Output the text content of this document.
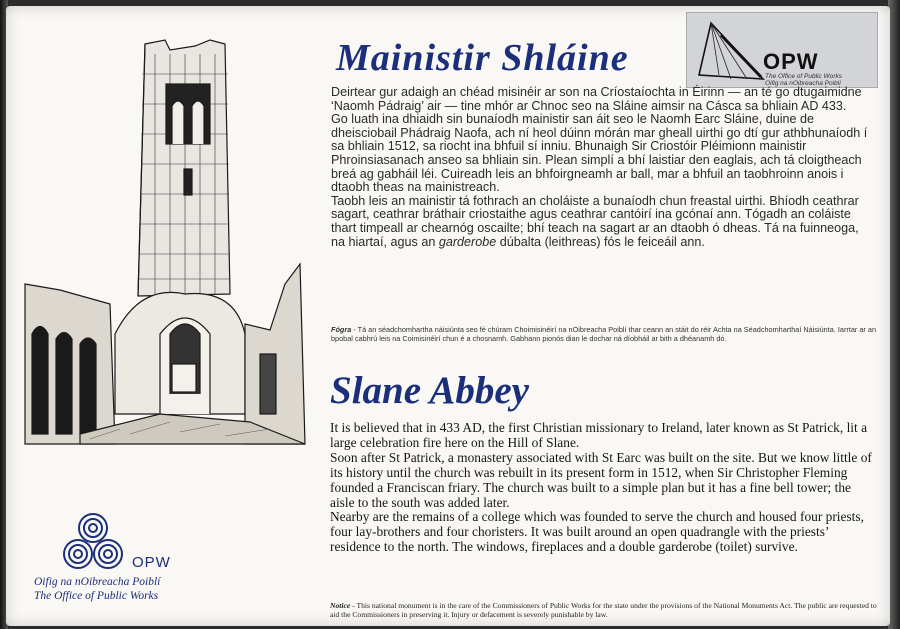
OPW
The Office of Public Works
Oifig na nOibreacha Poiblí
Mainistir Shláine

Deirtear gur adaigh an chéad misinéir ar son na Críostaíochta in Éirinn — an té go dtugaimidne ‘Naomh Pádraig’ air — tine mhór ar Chnoc seo na Sláine aimsir na Cásca sa bhliain AD 433.

Go luath ina dhiaidh sin bunaíodh mainistir san áit seo le Naomh Earc Sláine, duine de dheisciobail Phádraig Naofa, ach ní heol dúinn mórán mar gheall uirthi go dtí gur athbhunaíodh í sa bhliain 1512, sa riocht ina bhfuil sí inniu. Bhunaigh Sir Criostóir Pléimionn mainistir Phroinsiasanach anseo sa bhliain sin. Plean simplí a bhí laistiar den eaglais, ach tá cloigtheach breá ag gabháil léi. Cuireadh leis an bhfoirgneamh ar ball, mar a bhfuil an taobhroinn anois i dtaobh theas na mainistreach.

Taobh leis an mainistir tá fothrach an choláiste a bunaíodh chun freastal uirthi. Bhíodh ceathrar sagart, ceathrar bráthair criostaithe agus ceathrar cantóirí ina gcónaí ann. Tógadh an coláiste thart timpeall ar chearnóg oscailte; bhí teach na sagart ar an dtaobh ó dheas. Tá na fuinneoga, na hiartaí, agus an garderobe dúbalta (leithreas) fós le feiceáil ann.

Fógra - Tá an séadchomhartha náisiúnta seo fé chúram Choimisinéirí na nOibreacha Poiblí thar ceann an stáit do réir Achta na Séadchomharthaí Náisiúnta. Iarrtar ar an bpobal cabhrú leis na Coimisinéirí chun é a chosnamh. Gabhann pionós dian le dochar ná díobháil ar bith a dhéanamh dó.
Slane Abbey

It is believed that in 433 AD, the first Christian missionary to Ireland, later known as St Patrick, lit a large celebration fire here on the Hill of Slane.

Soon after St Patrick, a monastery associated with St Earc was built on the site. But we know little of its history until the church was rebuilt in its present form in 1512, when Sir Christopher Fleming founded a Franciscan friary. The church was built to a simple plan but it has a fine bell tower; the aisle to the south was added later.

Nearby are the remains of a college which was founded to serve the church and housed four priests, four lay-brothers and four choristers. It was built around an open quadrangle with the priests’ residence to the north. The windows, fireplaces and a double garderobe (toilet) survive.

Notice - This national monument is in the care of the Commissioners of Public Works for the state under the provisions of the National Monuments Act. The public are requested to aid the Commissioners in preserving it. Injury or defacement is severely punishable by law.
OPW
Oifig na nOibreacha Poiblí
The Office of Public Works
